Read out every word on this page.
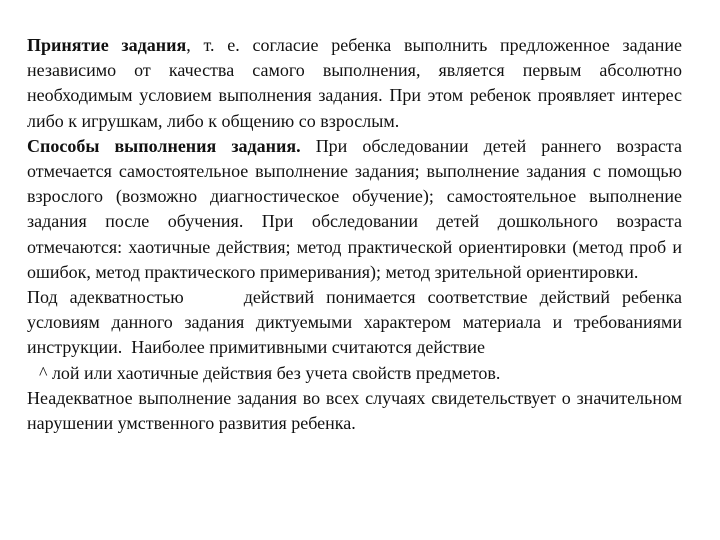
Принятие задания, т. е. согласие ребенка выполнить предложенное задание независимо от качества самого выполнения, является первым абсолютно необходимым условием выполнения задания. При этом ребенок проявляет интерес либо к игрушкам, либо к общению со взрослым.

Способы выполнения задания. При обследовании детей раннего возраста отмечается самостоятельное выполнение задания; выполнение задания с помощью взрослого (возможно диагностическое обучение); самостоятельное выполнение задания после обучения. При обследовании детей дошкольного возраста отмечаются: хаотичные действия; метод практической ориентировки (метод проб и ошибок, метод практического примеривания); метод зрительной ориентировки.

Под адекватностью     действий понимается соответствие действий ребенка условиям данного задания диктуемыми характером материала и требованиями инструкции.  Наиболее примитивными считаются действие

^ лой или хаотичные действия без учета свойств предметов.

Неадекватное выполнение задания во всех случаях свидетельствует о значительном нарушении умственного развития ребенка.
